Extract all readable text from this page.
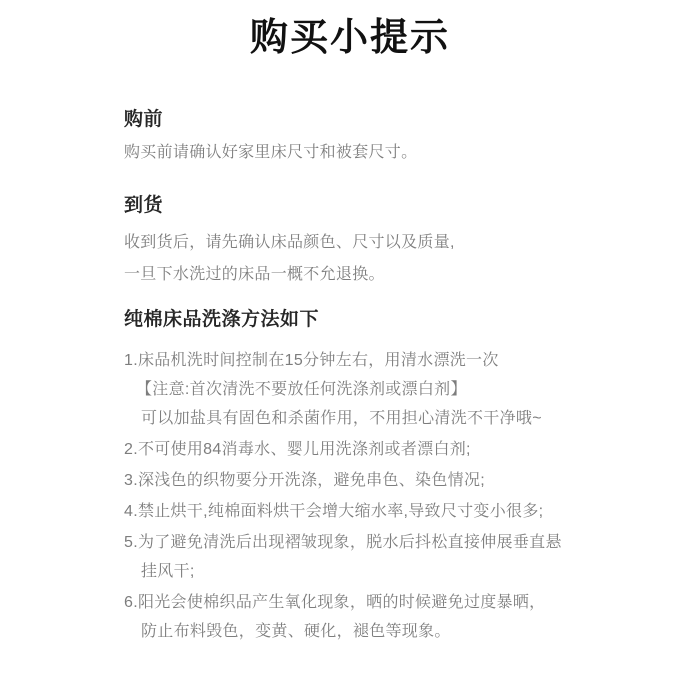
购买小提示
购前

购买前请确认好家里床尺寸和被套尺寸。

到货

收到货后，请先确认床品颜色、尺寸以及质量,

一旦下水洗过的床品一概不允退换。

纯棉床品洗涤方法如下

1.床品机洗时间控制在15分钟左右，用清水漂洗一次

【注意:首次清洗不要放任何洗涤剂或漂白剂】

可以加盐具有固色和杀菌作用，不用担心清洗不干净哦~

2.不可使用84消毒水、婴儿用洗涤剂或者漂白剂;

3.深浅色的织物要分开洗涤，避免串色、染色情况;

4.禁止烘干,纯棉面料烘干会增大缩水率,导致尺寸变小很多;

5.为了避免清洗后出现褶皱现象，脱水后抖松直接伸展垂直悬

挂风干;

6.阳光会使棉织品产生氧化现象，晒的时候避免过度暴晒，

防止布料毁色，变黄、硬化，褪色等现象。
